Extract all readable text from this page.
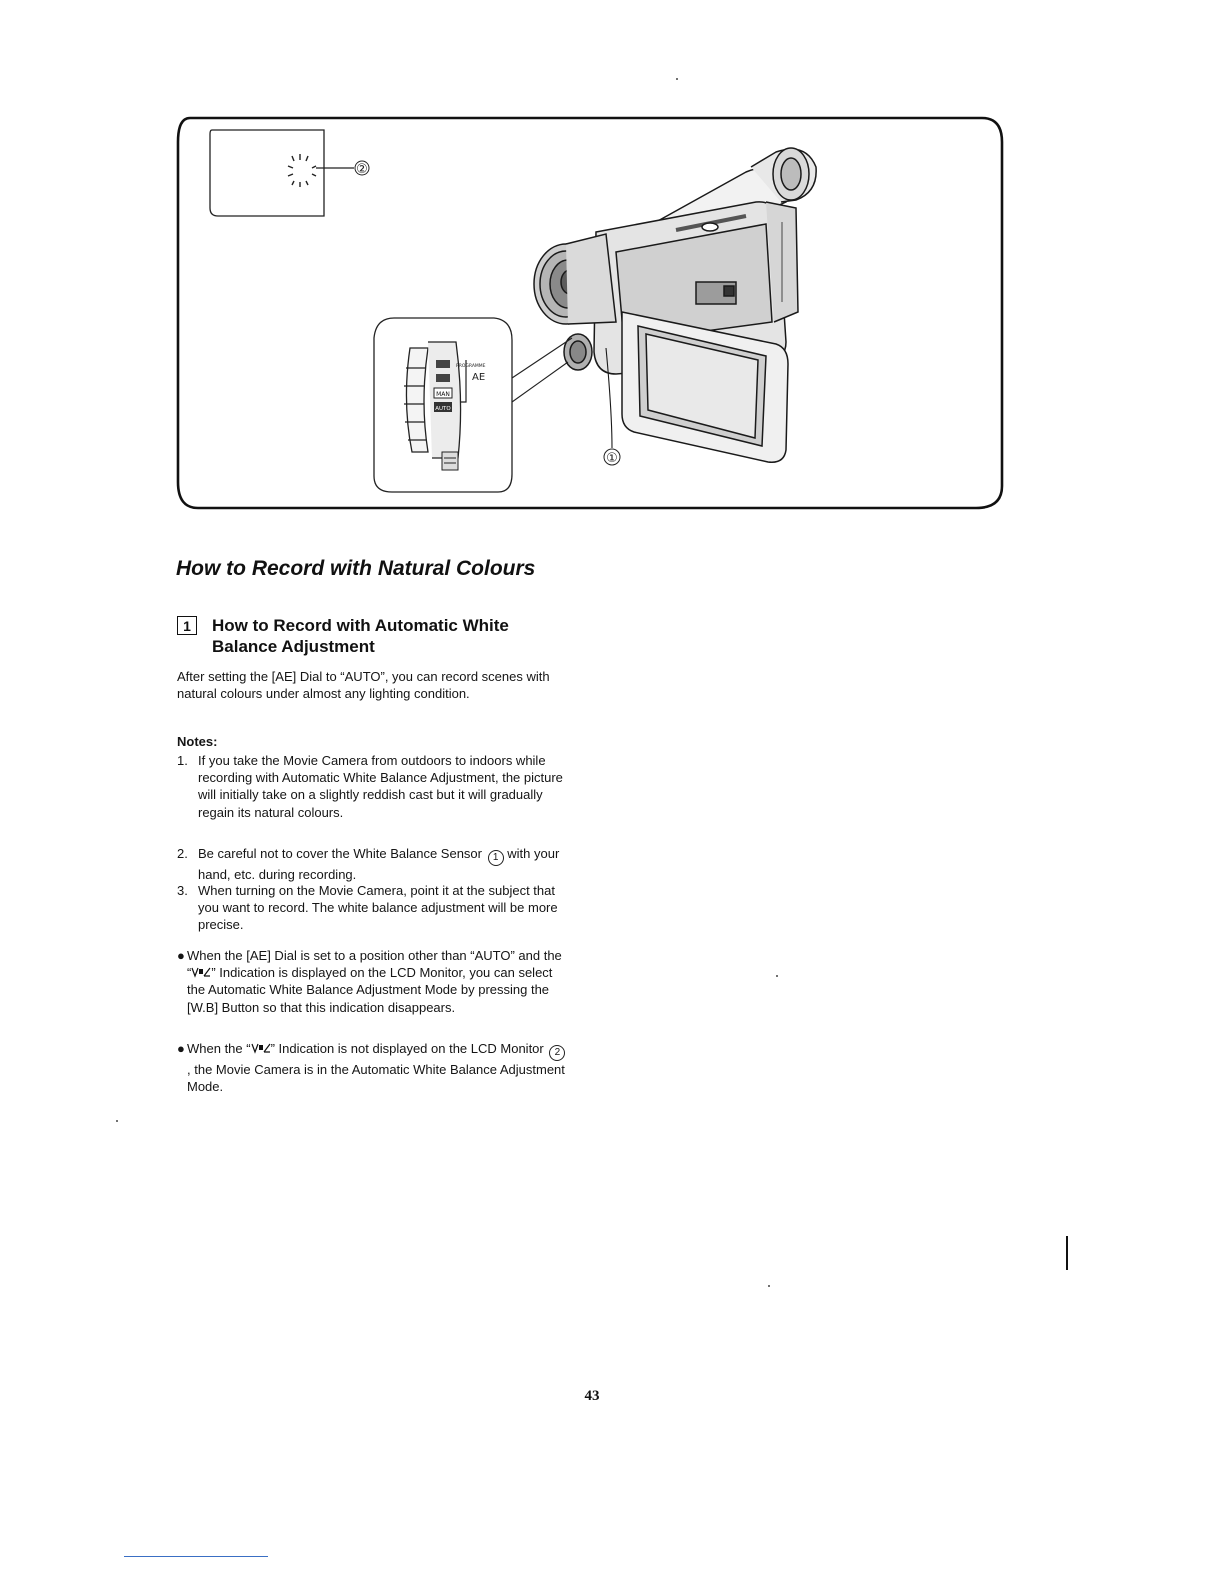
②
①
MAN
AUTO
PROGRAMME
AE
How to Record with Natural Colours
1	How to Record with Automatic White Balance Adjustment
After setting the [AE] Dial to “AUTO”, you can record scenes with natural colours under almost any lighting condition.
Notes:
1. If you take the Movie Camera from outdoors to indoors while recording with Automatic White Balance Adjustment, the picture will initially take on a slightly reddish cast but it will gradually regain its natural colours.
2. Be careful not to cover the White Balance Sensor 1 with your hand, etc. during recording.
3. When turning on the Movie Camera, point it at the subject that you want to record. The white balance adjustment will be more precise.
● When the [AE] Dial is set to a position other than “AUTO” and the “ ” Indication is displayed on the LCD Monitor, you can select the Automatic White Balance Adjustment Mode by pressing the [W.B] Button so that this indication disappears.
● When the “ ” Indication is not displayed on the LCD Monitor 2, the Movie Camera is in the Automatic White Balance Adjustment Mode.
43
